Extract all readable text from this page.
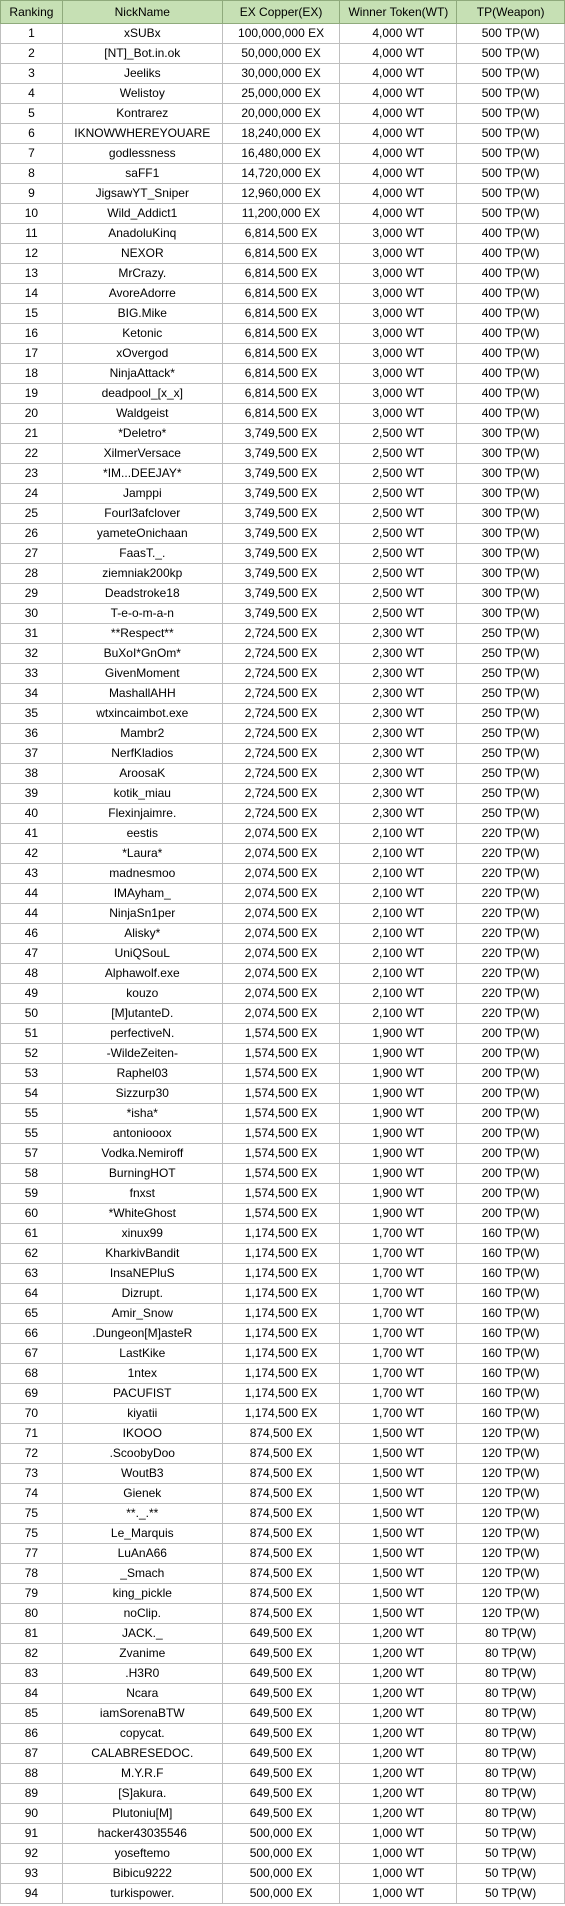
Ranking	NickName	EX Copper(EX)	Winner Token(WT)	TP(Weapon)
1	xSUBx	100,000,000 EX	4,000 WT	500 TP(W)
2	[NT]_Bot.in.ok	50,000,000 EX	4,000 WT	500 TP(W)
3	Jeeliks	30,000,000 EX	4,000 WT	500 TP(W)
4	Welistoy	25,000,000 EX	4,000 WT	500 TP(W)
5	Kontrarez	20,000,000 EX	4,000 WT	500 TP(W)
6	IKNOWWHEREYOUARE	18,240,000 EX	4,000 WT	500 TP(W)
7	godlessness	16,480,000 EX	4,000 WT	500 TP(W)
8	saFF1	14,720,000 EX	4,000 WT	500 TP(W)
9	JigsawYT_Sniper	12,960,000 EX	4,000 WT	500 TP(W)
10	Wild_Addict1	11,200,000 EX	4,000 WT	500 TP(W)
11	AnadoluKinq	6,814,500 EX	3,000 WT	400 TP(W)
12	NEXOR	6,814,500 EX	3,000 WT	400 TP(W)
13	MrCrazy.	6,814,500 EX	3,000 WT	400 TP(W)
14	AvoreAdorre	6,814,500 EX	3,000 WT	400 TP(W)
15	BIG.Mike	6,814,500 EX	3,000 WT	400 TP(W)
16	Ketonic	6,814,500 EX	3,000 WT	400 TP(W)
17	xOvergod	6,814,500 EX	3,000 WT	400 TP(W)
18	NinjaAttack*	6,814,500 EX	3,000 WT	400 TP(W)
19	deadpool_[x_x]	6,814,500 EX	3,000 WT	400 TP(W)
20	Waldgeist	6,814,500 EX	3,000 WT	400 TP(W)
21	*Deletro*	3,749,500 EX	2,500 WT	300 TP(W)
22	XilmerVersace	3,749,500 EX	2,500 WT	300 TP(W)
23	*IM...DEEJAY*	3,749,500 EX	2,500 WT	300 TP(W)
24	Jamppi	3,749,500 EX	2,500 WT	300 TP(W)
25	Fourl3afclover	3,749,500 EX	2,500 WT	300 TP(W)
26	yameteOnichaan	3,749,500 EX	2,500 WT	300 TP(W)
27	FaasT._.	3,749,500 EX	2,500 WT	300 TP(W)
28	ziemniak200kp	3,749,500 EX	2,500 WT	300 TP(W)
29	Deadstroke18	3,749,500 EX	2,500 WT	300 TP(W)
30	T-e-o-m-a-n	3,749,500 EX	2,500 WT	300 TP(W)
31	**Respect**	2,724,500 EX	2,300 WT	250 TP(W)
32	BuXoI*GnOm*	2,724,500 EX	2,300 WT	250 TP(W)
33	GivenMoment	2,724,500 EX	2,300 WT	250 TP(W)
34	MashallAHH	2,724,500 EX	2,300 WT	250 TP(W)
35	wtxincaimbot.exe	2,724,500 EX	2,300 WT	250 TP(W)
36	Mambr2	2,724,500 EX	2,300 WT	250 TP(W)
37	NerfKladios	2,724,500 EX	2,300 WT	250 TP(W)
38	AroosaK	2,724,500 EX	2,300 WT	250 TP(W)
39	kotik_miau	2,724,500 EX	2,300 WT	250 TP(W)
40	Flexinjaimre.	2,724,500 EX	2,300 WT	250 TP(W)
41	eestis	2,074,500 EX	2,100 WT	220 TP(W)
42	*Laura*	2,074,500 EX	2,100 WT	220 TP(W)
43	madnesmoo	2,074,500 EX	2,100 WT	220 TP(W)
44	IMAyham_	2,074,500 EX	2,100 WT	220 TP(W)
44	NinjaSn1per	2,074,500 EX	2,100 WT	220 TP(W)
46	Alisky*	2,074,500 EX	2,100 WT	220 TP(W)
47	UniQSouL	2,074,500 EX	2,100 WT	220 TP(W)
48	Alphawolf.exe	2,074,500 EX	2,100 WT	220 TP(W)
49	kouzo	2,074,500 EX	2,100 WT	220 TP(W)
50	[M]utanteD.	2,074,500 EX	2,100 WT	220 TP(W)
51	perfectiveN.	1,574,500 EX	1,900 WT	200 TP(W)
52	-WildeZeiten-	1,574,500 EX	1,900 WT	200 TP(W)
53	Raphel03	1,574,500 EX	1,900 WT	200 TP(W)
54	Sizzurp30	1,574,500 EX	1,900 WT	200 TP(W)
55	*isha*	1,574,500 EX	1,900 WT	200 TP(W)
55	antoniooox	1,574,500 EX	1,900 WT	200 TP(W)
57	Vodka.Nemiroff	1,574,500 EX	1,900 WT	200 TP(W)
58	BurningHOT	1,574,500 EX	1,900 WT	200 TP(W)
59	fnxst	1,574,500 EX	1,900 WT	200 TP(W)
60	*WhiteGhost	1,574,500 EX	1,900 WT	200 TP(W)
61	xinux99	1,174,500 EX	1,700 WT	160 TP(W)
62	KharkivBandit	1,174,500 EX	1,700 WT	160 TP(W)
63	InsaNEPluS	1,174,500 EX	1,700 WT	160 TP(W)
64	Dizrupt.	1,174,500 EX	1,700 WT	160 TP(W)
65	Amir_Snow	1,174,500 EX	1,700 WT	160 TP(W)
66	.Dungeon[M]asteR	1,174,500 EX	1,700 WT	160 TP(W)
67	LastKike	1,174,500 EX	1,700 WT	160 TP(W)
68	1ntex	1,174,500 EX	1,700 WT	160 TP(W)
69	PACUFIST	1,174,500 EX	1,700 WT	160 TP(W)
70	kiyatii	1,174,500 EX	1,700 WT	160 TP(W)
71	IKOOO	874,500 EX	1,500 WT	120 TP(W)
72	.ScoobyDoo	874,500 EX	1,500 WT	120 TP(W)
73	WoutB3	874,500 EX	1,500 WT	120 TP(W)
74	Gienek	874,500 EX	1,500 WT	120 TP(W)
75	**._.**	874,500 EX	1,500 WT	120 TP(W)
75	Le_Marquis	874,500 EX	1,500 WT	120 TP(W)
77	LuAnA66	874,500 EX	1,500 WT	120 TP(W)
78	_Smach	874,500 EX	1,500 WT	120 TP(W)
79	king_pickle	874,500 EX	1,500 WT	120 TP(W)
80	noClip.	874,500 EX	1,500 WT	120 TP(W)
81	JACK._	649,500 EX	1,200 WT	80 TP(W)
82	Zvanime	649,500 EX	1,200 WT	80 TP(W)
83	.H3R0	649,500 EX	1,200 WT	80 TP(W)
84	Ncara	649,500 EX	1,200 WT	80 TP(W)
85	iamSorenaBTW	649,500 EX	1,200 WT	80 TP(W)
86	copycat.	649,500 EX	1,200 WT	80 TP(W)
87	CALABRESEDOC.	649,500 EX	1,200 WT	80 TP(W)
88	M.Y.R.F	649,500 EX	1,200 WT	80 TP(W)
89	[S]akura.	649,500 EX	1,200 WT	80 TP(W)
90	Plutoniu[M]	649,500 EX	1,200 WT	80 TP(W)
91	hacker43035546	500,000 EX	1,000 WT	50 TP(W)
92	yoseftemo	500,000 EX	1,000 WT	50 TP(W)
93	Bibicu9222	500,000 EX	1,000 WT	50 TP(W)
94	turkispower.	500,000 EX	1,000 WT	50 TP(W)
